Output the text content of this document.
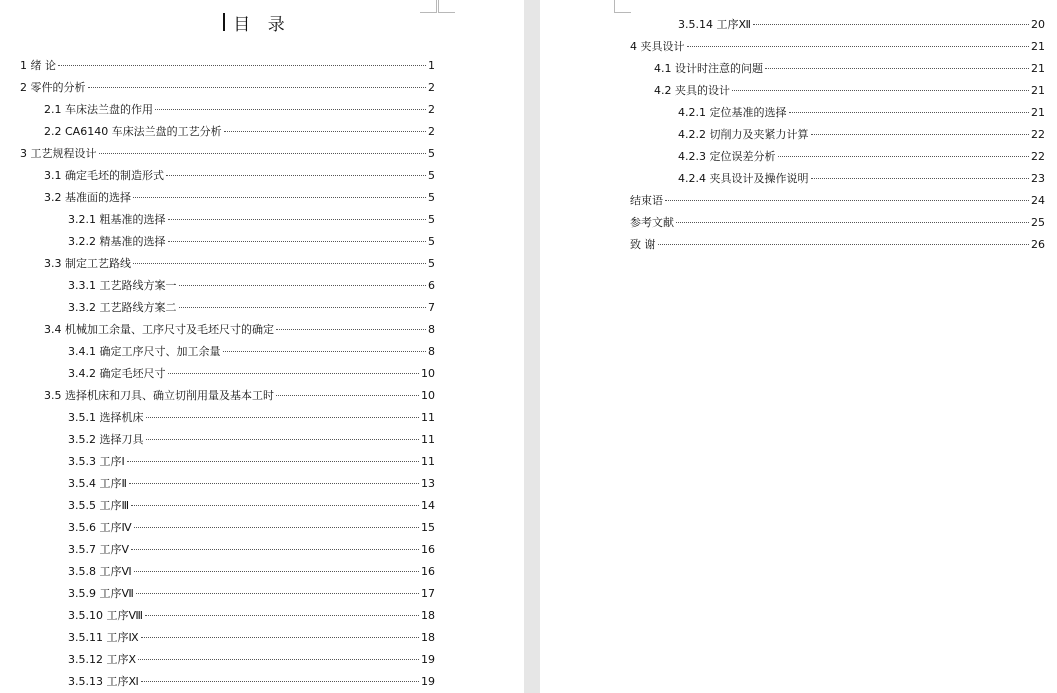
目 录
1 绪 论	1
2 零件的分析	2
2.1 车床法兰盘的作用	2
2.2 CA6140 车床法兰盘的工艺分析	2
3 工艺规程设计	5
3.1 确定毛坯的制造形式	5
3.2 基准面的选择	5
3.2.1 粗基准的选择	5
3.2.2 精基准的选择	5
3.3 制定工艺路线	5
3.3.1 工艺路线方案一	6
3.3.2 工艺路线方案二	7
3.4 机械加工余量、工序尺寸及毛坯尺寸的确定	8
3.4.1 确定工序尺寸、加工余量	8
3.4.2 确定毛坯尺寸	10
3.5 选择机床和刀具、确立切削用量及基本工时	10
3.5.1 选择机床	11
3.5.2 选择刀具	11
3.5.3 工序Ⅰ	11
3.5.4 工序Ⅱ	13
3.5.5 工序Ⅲ	14
3.5.6 工序Ⅳ	15
3.5.7 工序Ⅴ	16
3.5.8 工序Ⅵ	16
3.5.9 工序Ⅶ	17
3.5.10 工序Ⅷ	18
3.5.11 工序Ⅸ	18
3.5.12 工序Ⅹ	19
3.5.13 工序Ⅺ	19
3.5.14 工序Ⅻ	20
4 夹具设计	21
4.1 设计时注意的问题	21
4.2 夹具的设计	21
4.2.1 定位基准的选择	21
4.2.2 切削力及夹紧力计算	22
4.2.3 定位误差分析	22
4.2.4 夹具设计及操作说明	23
结束语	24
参考文献	25
致 谢	26
